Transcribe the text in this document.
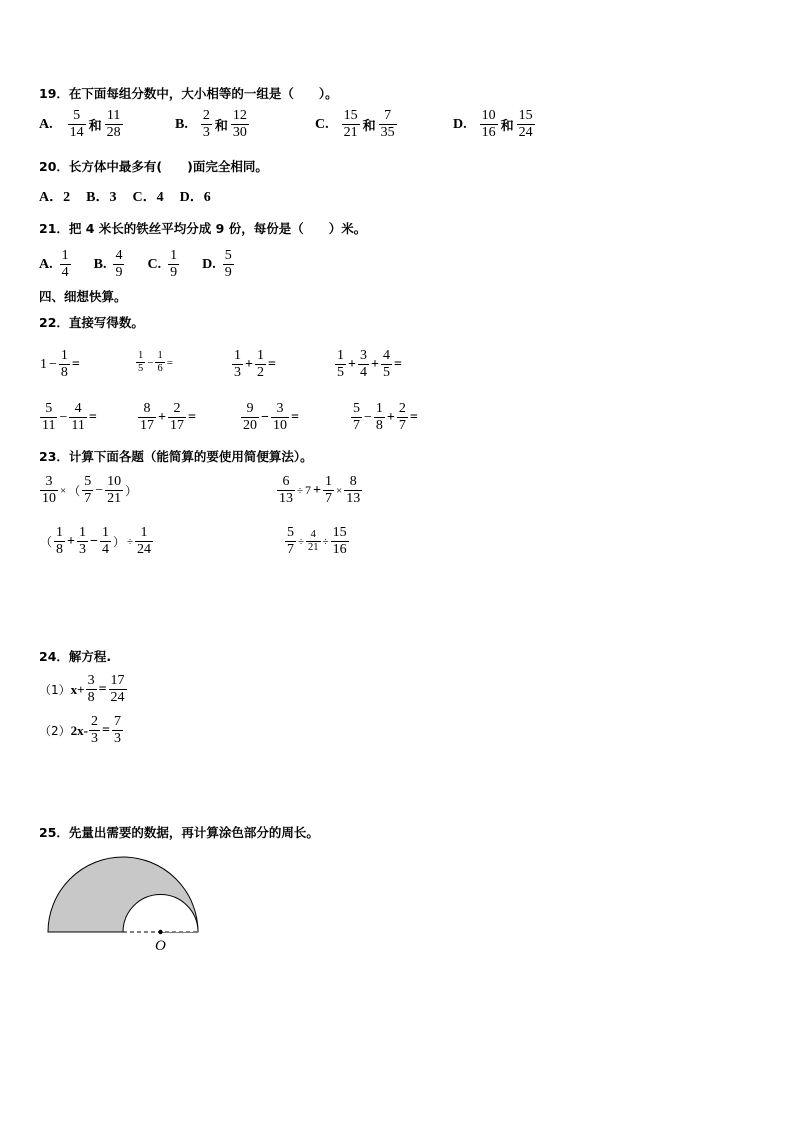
19．在下面每组分数中，大小相等的一组是（　　）。
A. $\frac{5}{14}$ 和 $\frac{11}{28}$	B. $\frac{2}{3}$ 和 $\frac{12}{30}$	C. $\frac{15}{21}$ 和 $\frac{7}{35}$	D. $\frac{10}{16}$ 和 $\frac{15}{24}$
20．长方体中最多有(　　)面完全相同。
A．2 B．3 C．4 D．6
21．把 4 米长的铁丝平均分成 9 份，每份是（　　）米。
A. $\frac{1}{4} B$. $\frac{4}{9} C$. $\frac{1}{9} D$. $\frac{5}{9}$
四、细想快算。
22．直接写得数。
$1 - \frac{1}{8}$ =	$\frac{1}{5} - \frac{1}{6}$ =	$\frac{1}{3} + \frac{1}{2}$ =	$\frac{1}{5} + \frac{3}{4} + \frac{4}{5}$ =
$\frac{5}{11} - \frac{4}{11}$ =	$\frac{8}{17} + \frac{2}{17}$ =	$\frac{9}{20} - \frac{3}{10}$ =	$\frac{5}{7} - \frac{1}{8} + \frac{2}{7}$ =
23．计算下面各题（能简算的要使用简便算法）。
$\frac{3}{10}$ × （ $\frac{5}{7} - \frac{10}{21}$ ）	$\frac{6}{13} \div 7 + \frac{1}{7} \times \frac{8}{13}$
（ $\frac{1}{8} + \frac{1}{3} - \frac{1}{4}$ ） ÷ $\frac{1}{24}$	$\frac{5}{7} \div \frac{4}{21} \div \frac{15}{16}$
24．解方程.
（1） $x+ \frac{3}{8} = \frac{17}{24}$
（2） $2x- \frac{2}{3} = \frac{7}{3}$
25．先量出需要的数据，再计算涂色部分的周长。
O
